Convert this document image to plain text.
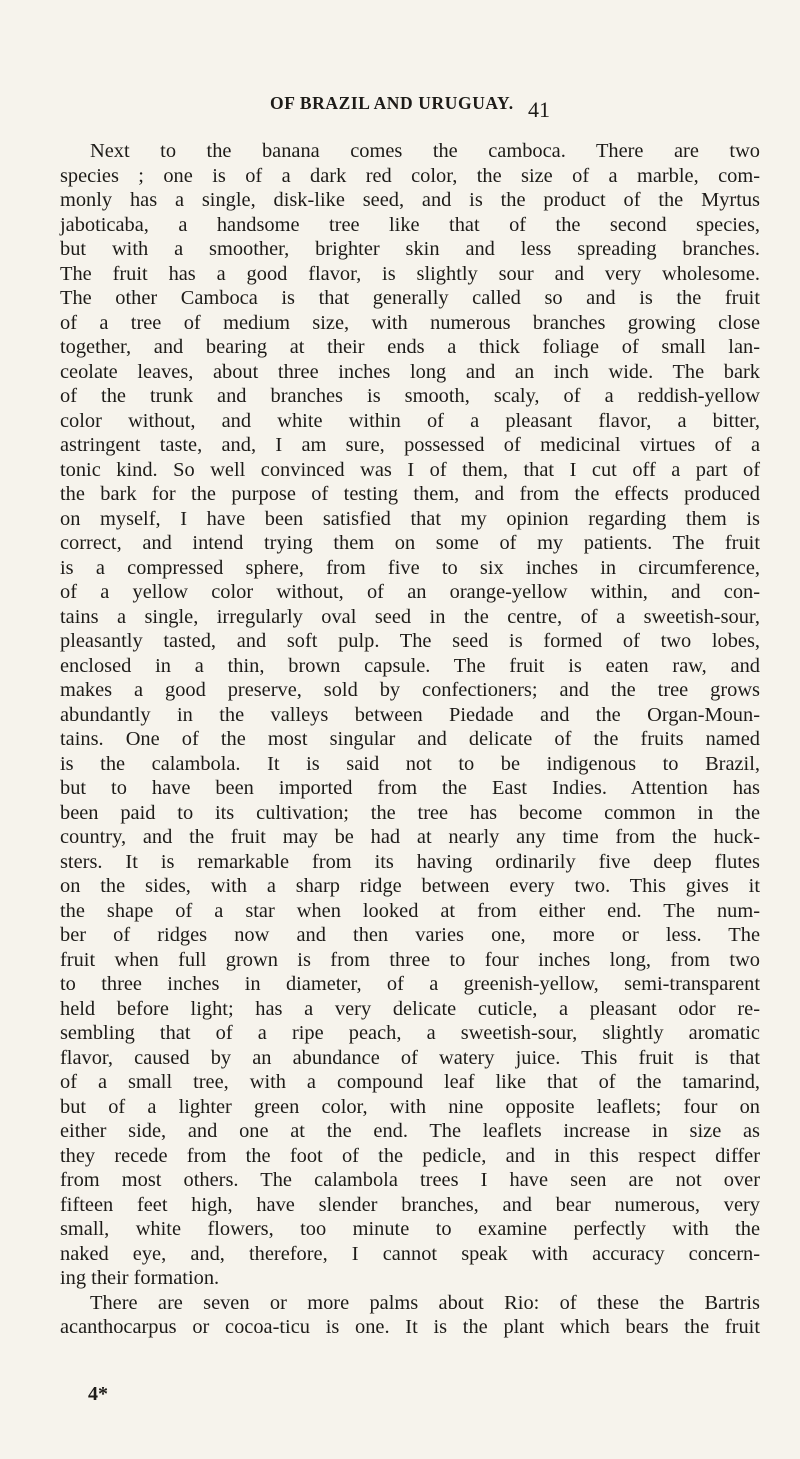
OF BRAZIL AND URUGUAY. 41
Next to the banana comes the camboca. There are two
species ; one is of a dark red color, the size of a marble, com-
monly has a single, disk-like seed, and is the product of the Myrtus
jaboticaba, a handsome tree like that of the second species,
but with a smoother, brighter skin and less spreading branches.
The fruit has a good flavor, is slightly sour and very wholesome.
The other Camboca is that generally called so and is the fruit
of a tree of medium size, with numerous branches growing close
together, and bearing at their ends a thick foliage of small lan-
ceolate leaves, about three inches long and an inch wide. The bark
of the trunk and branches is smooth, scaly, of a reddish-yellow
color without, and white within of a pleasant flavor, a bitter,
astringent taste, and, I am sure, possessed of medicinal virtues of a
tonic kind. So well convinced was I of them, that I cut off a part of
the bark for the purpose of testing them, and from the effects produced
on myself, I have been satisfied that my opinion regarding them is
correct, and intend trying them on some of my patients. The fruit
is a compressed sphere, from five to six inches in circumference,
of a yellow color without, of an orange-yellow within, and con-
tains a single, irregularly oval seed in the centre, of a sweetish-sour,
pleasantly tasted, and soft pulp. The seed is formed of two lobes,
enclosed in a thin, brown capsule. The fruit is eaten raw, and
makes a good preserve, sold by confectioners; and the tree grows
abundantly in the valleys between Piedade and the Organ-Moun-
tains. One of the most singular and delicate of the fruits named
is the calambola. It is said not to be indigenous to Brazil,
but to have been imported from the East Indies. Attention has
been paid to its cultivation; the tree has become common in the
country, and the fruit may be had at nearly any time from the huck-
sters. It is remarkable from its having ordinarily five deep flutes
on the sides, with a sharp ridge between every two. This gives it
the shape of a star when looked at from either end. The num-
ber of ridges now and then varies one, more or less. The
fruit when full grown is from three to four inches long, from two
to three inches in diameter, of a greenish-yellow, semi-transparent
held before light; has a very delicate cuticle, a pleasant odor re-
sembling that of a ripe peach, a sweetish-sour, slightly aromatic
flavor, caused by an abundance of watery juice. This fruit is that
of a small tree, with a compound leaf like that of the tamarind,
but of a lighter green color, with nine opposite leaflets; four on
either side, and one at the end. The leaflets increase in size as
they recede from the foot of the pedicle, and in this respect differ
from most others. The calambola trees I have seen are not over
fifteen feet high, have slender branches, and bear numerous, very
small, white flowers, too minute to examine perfectly with the
naked eye, and, therefore, I cannot speak with accuracy concern-
ing their formation.
There are seven or more palms about Rio: of these the Bartris
acanthocarpus or cocoa-ticu is one. It is the plant which bears the fruit
4*
